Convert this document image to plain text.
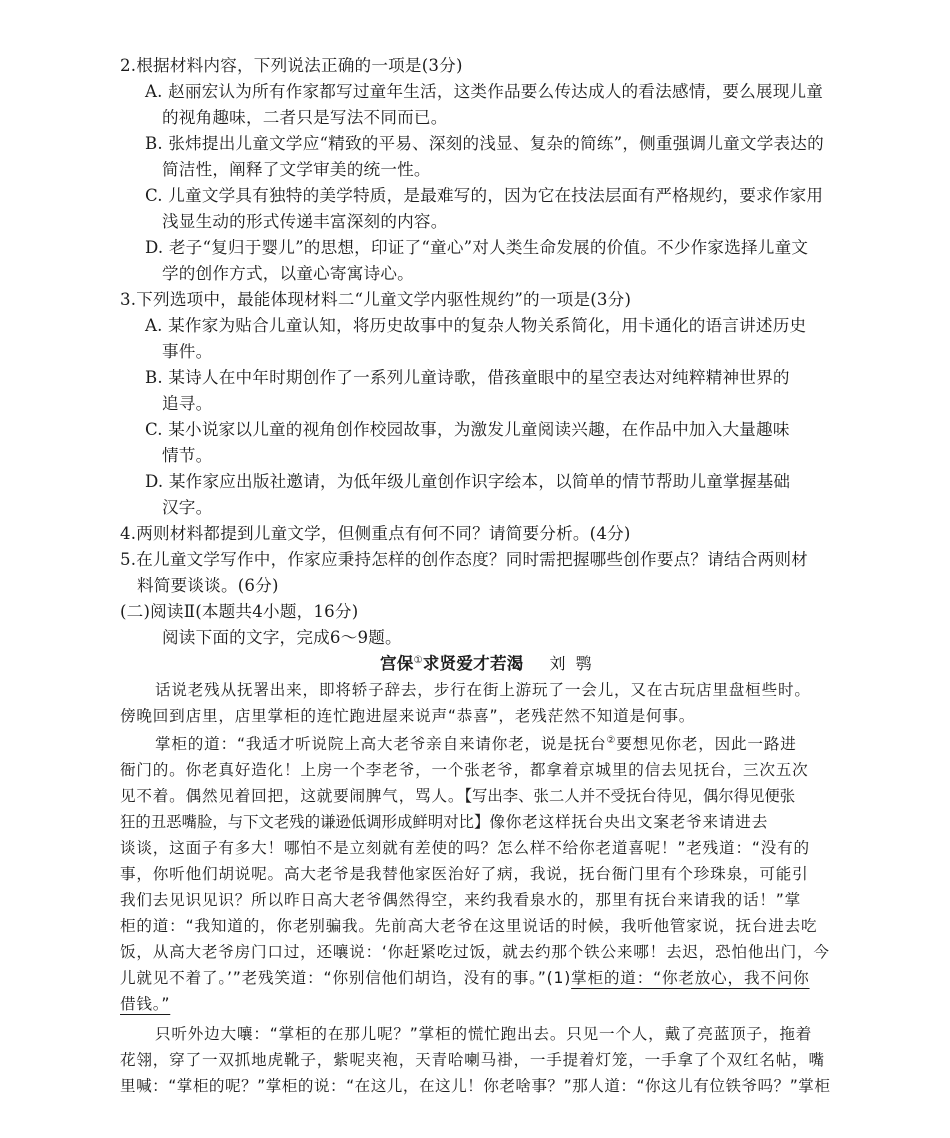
2.根据材料内容，下列说法正确的一项是(3分)
A. 赵丽宏认为所有作家都写过童年生活，这类作品要么传达成人的看法感情，要么展现儿童
的视角趣味，二者只是写法不同而已。
B. 张炜提出儿童文学应“精致的平易、深刻的浅显、复杂的简练”，侧重强调儿童文学表达的
简洁性，阐释了文学审美的统一性。
C. 儿童文学具有独特的美学特质，是最难写的，因为它在技法层面有严格规约，要求作家用
浅显生动的形式传递丰富深刻的内容。
D. 老子“复归于婴儿”的思想，印证了“童心”对人类生命发展的价值。不少作家选择儿童文
学的创作方式，以童心寄寓诗心。
3.下列选项中，最能体现材料二“儿童文学内驱性规约”的一项是(3分)
A. 某作家为贴合儿童认知，将历史故事中的复杂人物关系简化，用卡通化的语言讲述历史
事件。
B. 某诗人在中年时期创作了一系列儿童诗歌，借孩童眼中的星空表达对纯粹精神世界的
追寻。
C. 某小说家以儿童的视角创作校园故事，为激发儿童阅读兴趣，在作品中加入大量趣味
情节。
D. 某作家应出版社邀请，为低年级儿童创作识字绘本，以简单的情节帮助儿童掌握基础
汉字。
4.两则材料都提到儿童文学，但侧重点有何不同？请简要分析。(4分)
5.在儿童文学写作中，作家应秉持怎样的创作态度？同时需把握哪些创作要点？请结合两则材
料简要谈谈。(6分)
(二)阅读Ⅱ(本题共4小题，16分)
阅读下面的文字，完成6～9题。
宫保①求贤爱才若渴 刘鹗
话说老残从抚署出来，即将轿子辞去，步行在街上游玩了一会儿，又在古玩店里盘桓些时。
傍晚回到店里，店里掌柜的连忙跑进屋来说声“恭喜”，老残茫然不知道是何事。
掌柜的道：“我适才听说院上高大老爷亲自来请你老，说是抚台②要想见你老，因此一路进
衙门的。你老真好造化！上房一个李老爷，一个张老爷，都拿着京城里的信去见抚台，三次五次
见不着。偶然见着回把，这就要闹脾气，骂人。【写出李、张二人并不受抚台待见，偶尔得见便张
狂的丑恶嘴脸，与下文老残的谦逊低调形成鲜明对比】像你老这样抚台央出文案老爷来请进去
谈谈，这面子有多大！哪怕不是立刻就有差使的吗？怎么样不给你老道喜呢！”老残道：“没有的
事，你听他们胡说呢。高大老爷是我替他家医治好了病，我说，抚台衙门里有个珍珠泉，可能引
我们去见识见识？所以昨日高大老爷偶然得空，来约我看泉水的，那里有抚台来请我的话！”掌
柜的道：“我知道的，你老别骗我。先前高大老爷在这里说话的时候，我听他管家说，抚台进去吃
饭，从高大老爷房门口过，还嚷说：‘你赶紧吃过饭，就去约那个铁公来哪！去迟，恐怕他出门，今
儿就见不着了。’”老残笑道：“你别信他们胡诌，没有的事。”(1)掌柜的道：“你老放心，我不问你
借钱。”
只听外边大嚷：“掌柜的在那儿呢？”掌柜的慌忙跑出去。只见一个人，戴了亮蓝顶子，拖着
花翎，穿了一双抓地虎靴子，紫呢夹袍，天青哈喇马褂，一手提着灯笼，一手拿了个双红名帖，嘴
里喊：“掌柜的呢？”掌柜的说：“在这儿，在这儿！你老啥事？”那人道：“你这儿有位铁爷吗？”掌柜
